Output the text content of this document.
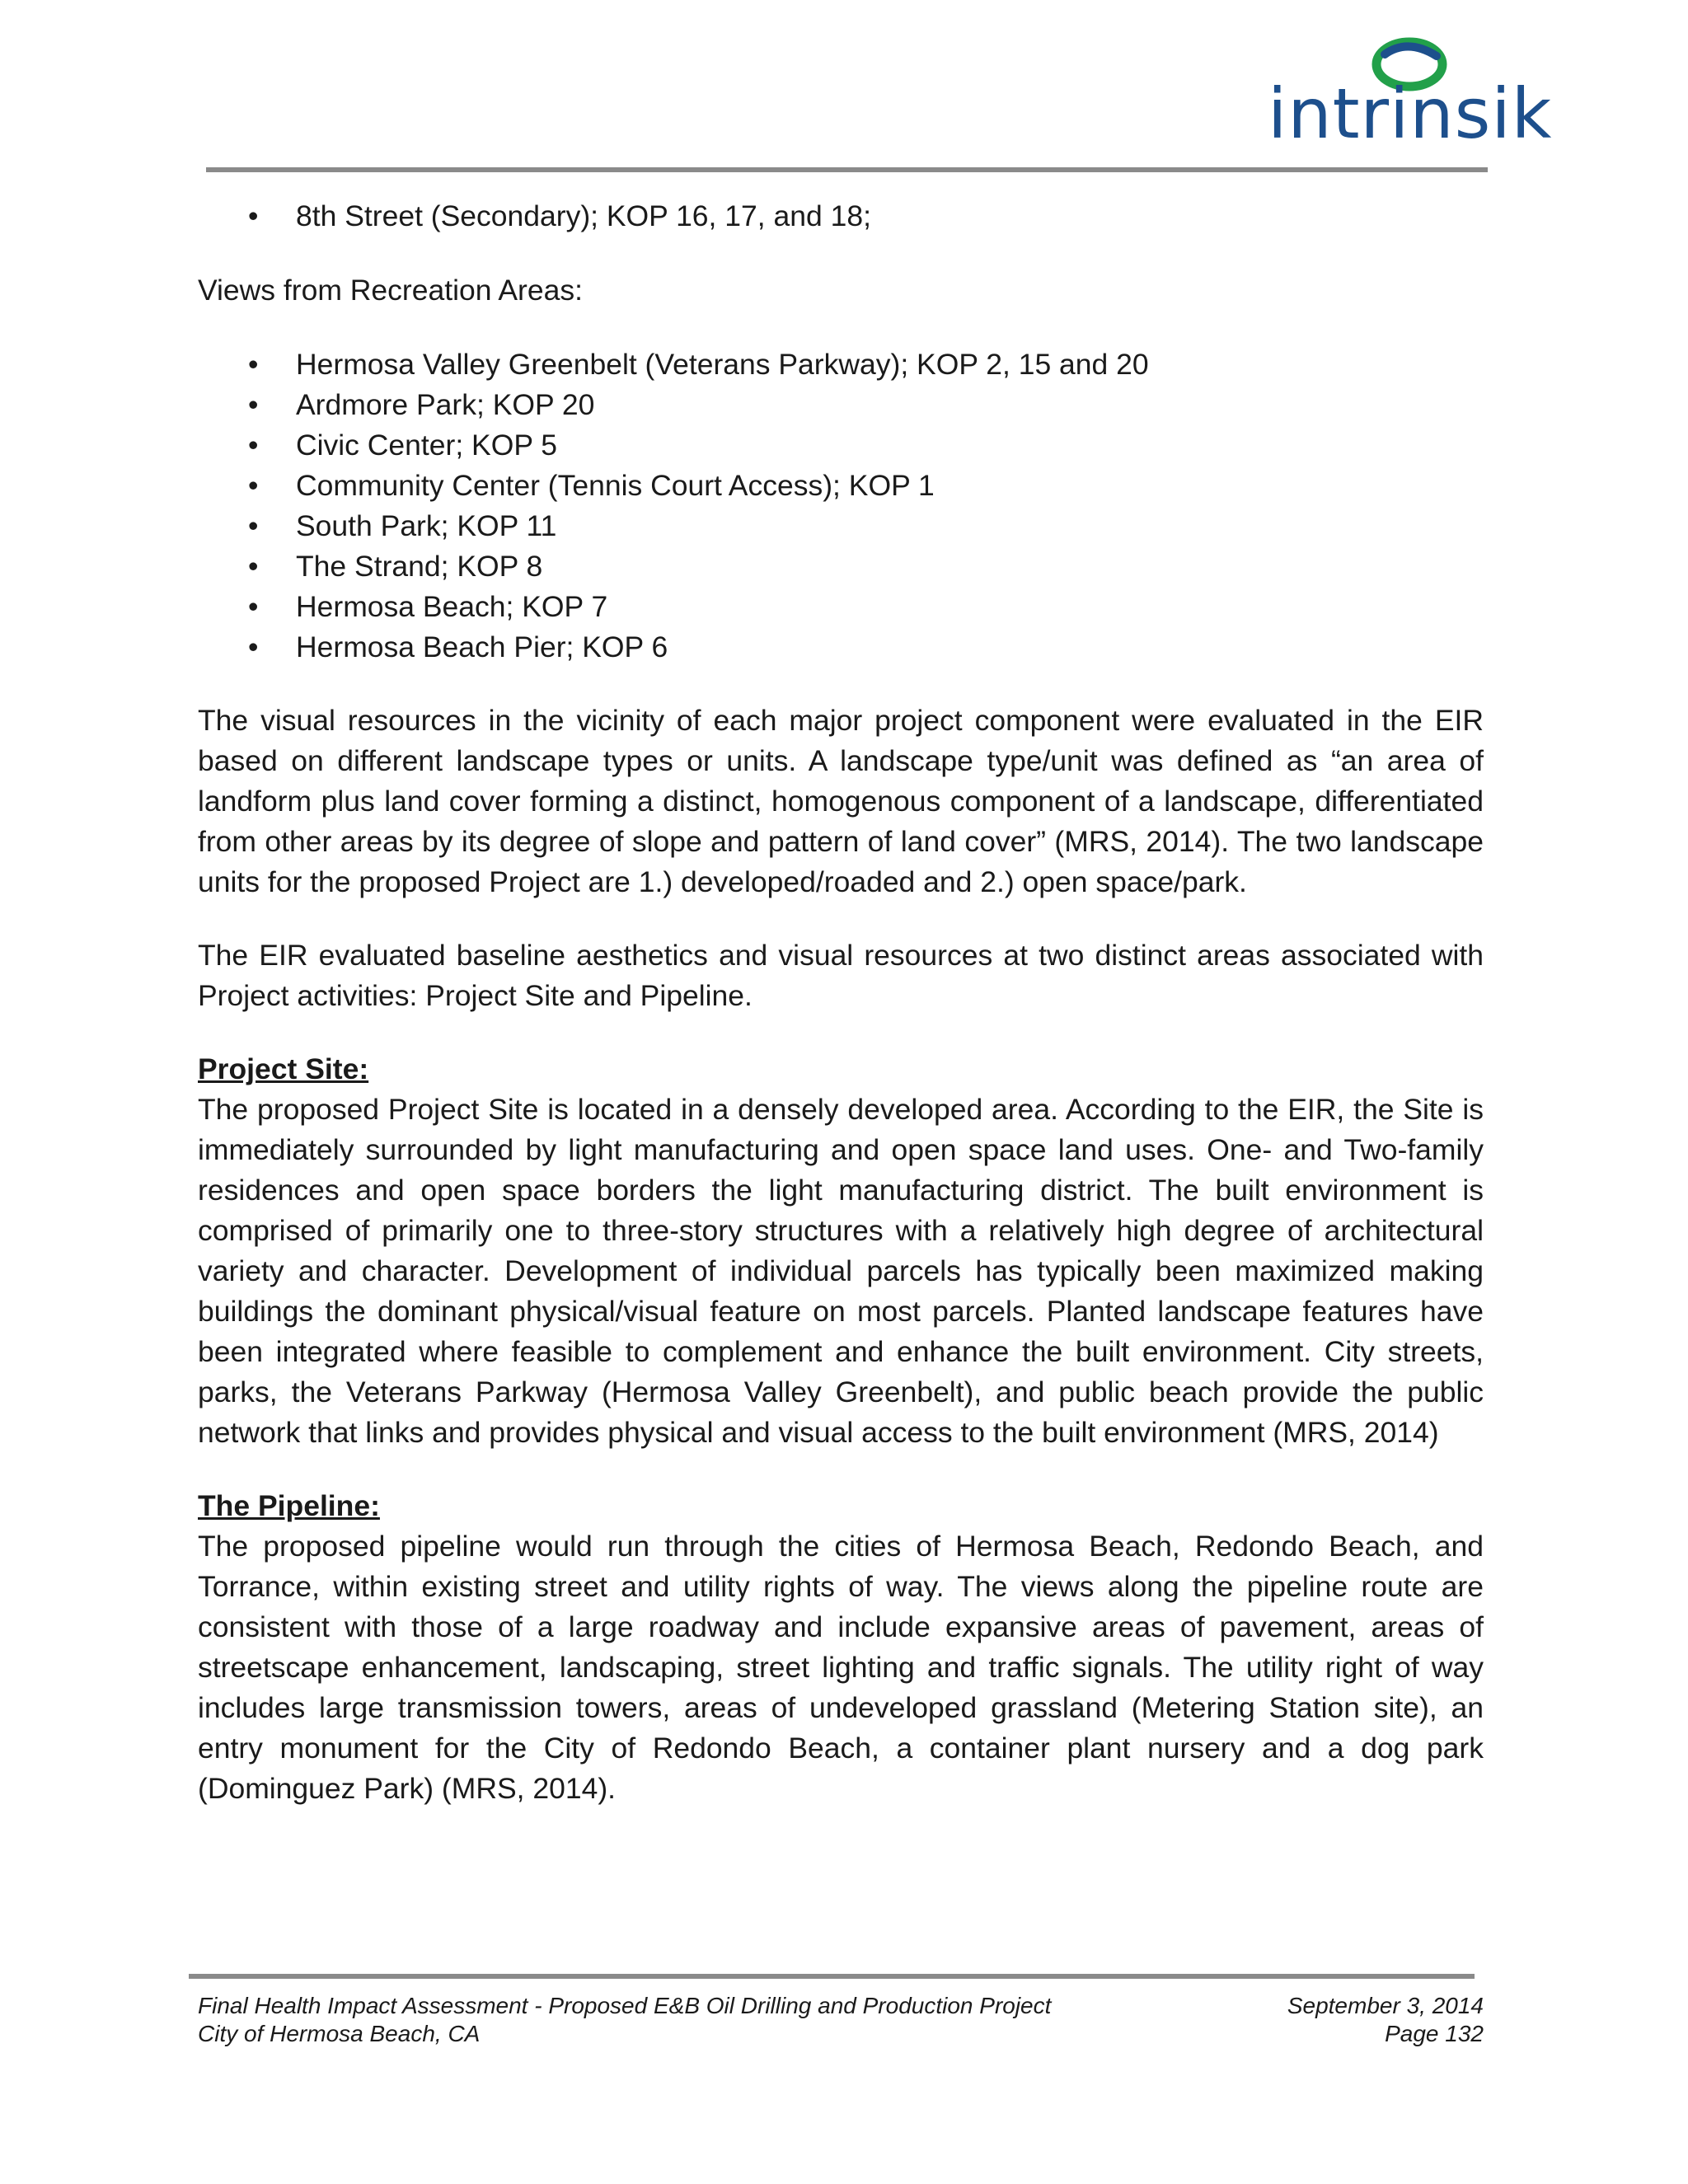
intrinsik
• 8th Street (Secondary); KOP 16, 17, and 18;

Views from Recreation Areas:

• Hermosa Valley Greenbelt (Veterans Parkway); KOP 2, 15 and 20
• Ardmore Park; KOP 20
• Civic Center; KOP 5
• Community Center (Tennis Court Access); KOP 1
• South Park; KOP 11
• The Strand; KOP 8
• Hermosa Beach; KOP 7
• Hermosa Beach Pier; KOP 6

The visual resources in the vicinity of each major project component were evaluated in the EIR based on different landscape types or units. A landscape type/unit was defined as “an area of landform plus land cover forming a distinct, homogenous component of a landscape, differentiated from other areas by its degree of slope and pattern of land cover” (MRS, 2014). The two landscape units for the proposed Project are 1.) developed/roaded and 2.) open space/park.

The EIR evaluated baseline aesthetics and visual resources at two distinct areas associated with Project activities: Project Site and Pipeline.

Project Site:

The proposed Project Site is located in a densely developed area. According to the EIR, the Site is immediately surrounded by light manufacturing and open space land uses. One- and Two-family residences and open space borders the light manufacturing district. The built environment is comprised of primarily one to three-story structures with a relatively high degree of architectural variety and character. Development of individual parcels has typically been maximized making buildings the dominant physical/visual feature on most parcels. Planted landscape features have been integrated where feasible to complement and enhance the built environment. City streets, parks, the Veterans Parkway (Hermosa Valley Greenbelt), and public beach provide the public network that links and provides physical and visual access to the built environment (MRS, 2014)

The Pipeline:

The proposed pipeline would run through the cities of Hermosa Beach, Redondo Beach, and Torrance, within existing street and utility rights of way. The views along the pipeline route are consistent with those of a large roadway and include expansive areas of pavement, areas of streetscape enhancement, landscaping, street lighting and traffic signals. The utility right of way includes large transmission towers, areas of undeveloped grassland (Metering Station site), an entry monument for the City of Redondo Beach, a container plant nursery and a dog park (Dominguez Park) (MRS, 2014).

Final Health Impact Assessment - Proposed E&B Oil Drilling and Production Project	September 3, 2014
City of Hermosa Beach, CA	Page 132
